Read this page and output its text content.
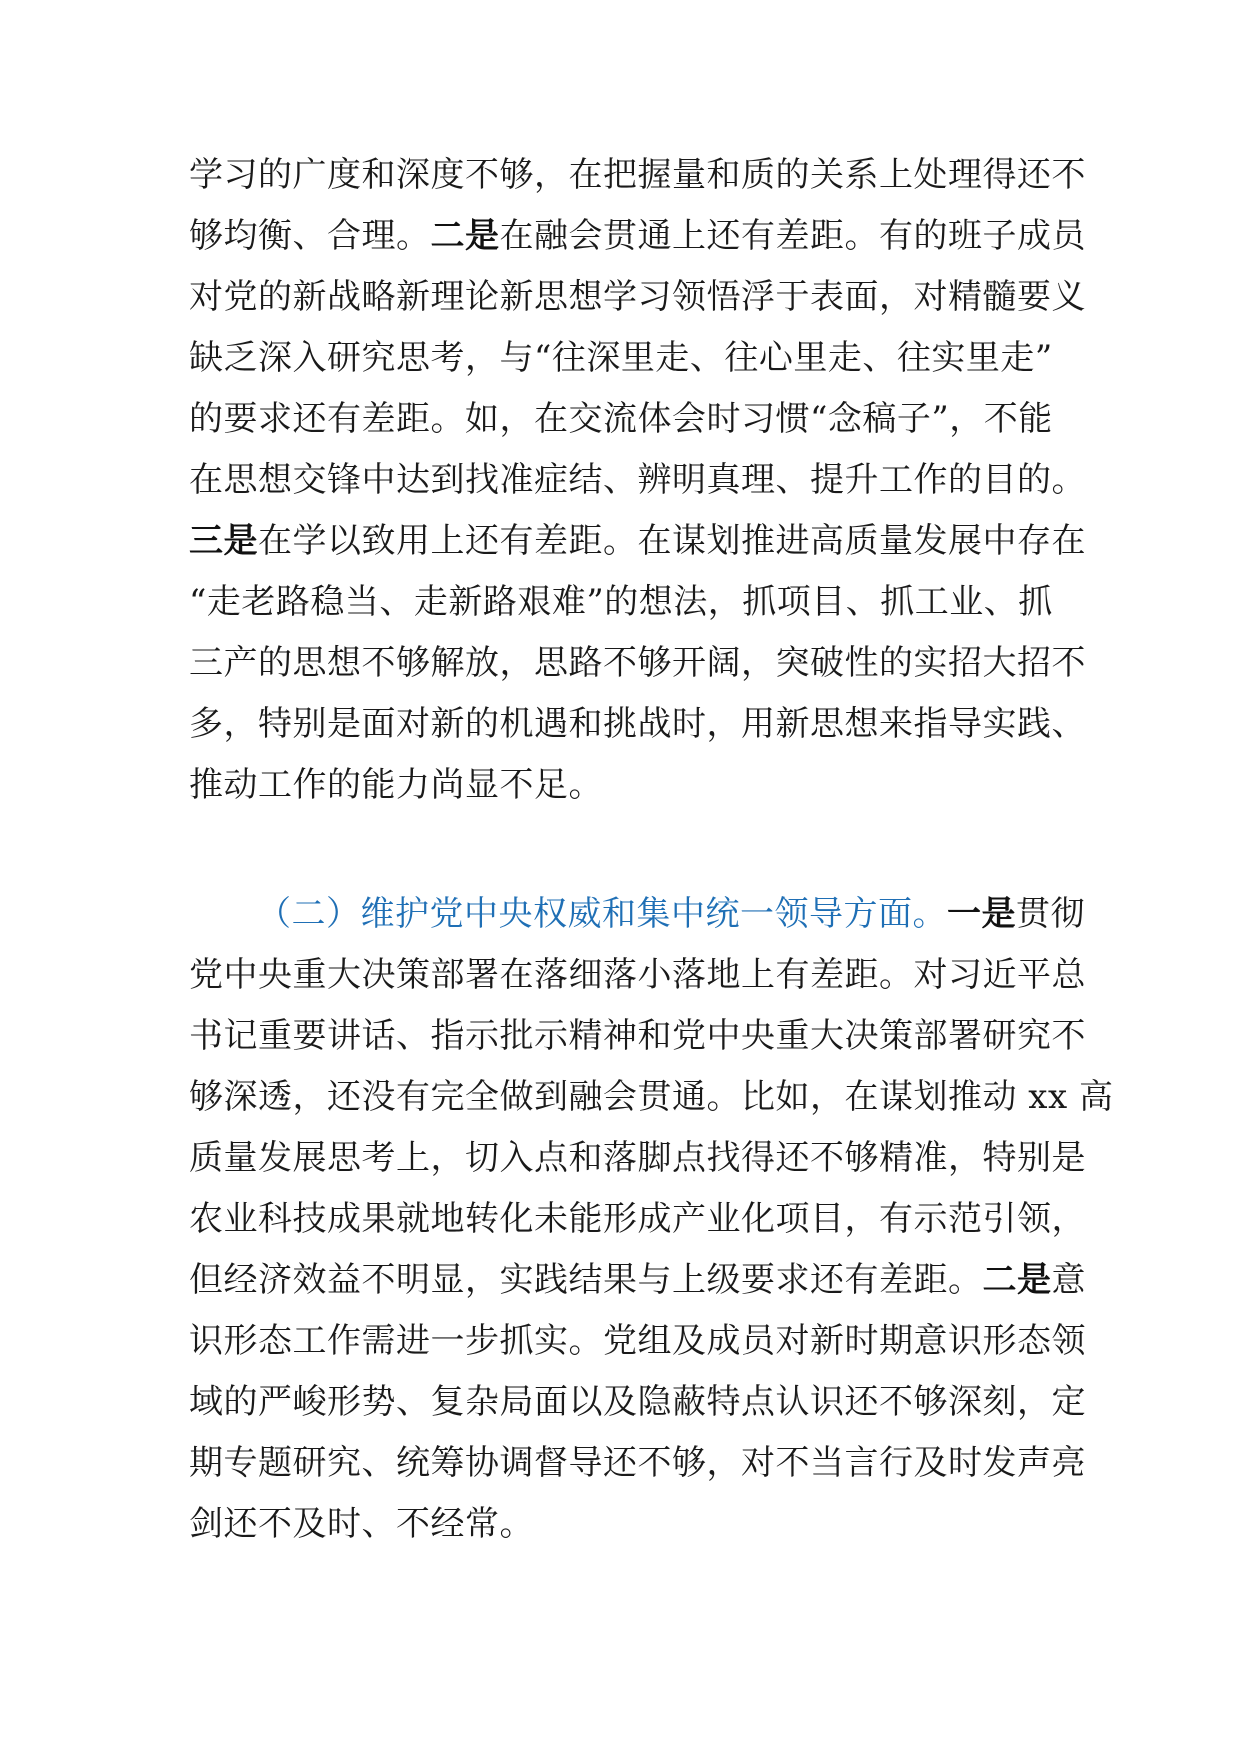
学习的广度和深度不够，在把握量和质的关系上处理得还不
够均衡、合理。二是在融会贯通上还有差距。有的班子成员
对党的新战略新理论新思想学习领悟浮于表面，对精髓要义
缺乏深入研究思考，与“往深里走、往心里走、往实里走”
的要求还有差距。如，在交流体会时习惯“念稿子”，不能
在思想交锋中达到找准症结、辨明真理、提升工作的目的。
三是在学以致用上还有差距。在谋划推进高质量发展中存在
“走老路稳当、走新路艰难”的想法，抓项目、抓工业、抓
三产的思想不够解放，思路不够开阔，突破性的实招大招不
多，特别是面对新的机遇和挑战时，用新思想来指导实践、
推动工作的能力尚显不足。
（二）维护党中央权威和集中统一领导方面。一是贯彻
党中央重大决策部署在落细落小落地上有差距。对习近平总
书记重要讲话、指示批示精神和党中央重大决策部署研究不
够深透，还没有完全做到融会贯通。比如，在谋划推动 xx 高
质量发展思考上，切入点和落脚点找得还不够精准，特别是
农业科技成果就地转化未能形成产业化项目，有示范引领，
但经济效益不明显，实践结果与上级要求还有差距。二是意
识形态工作需进一步抓实。党组及成员对新时期意识形态领
域的严峻形势、复杂局面以及隐蔽特点认识还不够深刻，定
期专题研究、统筹协调督导还不够，对不当言行及时发声亮
剑还不及时、不经常。
